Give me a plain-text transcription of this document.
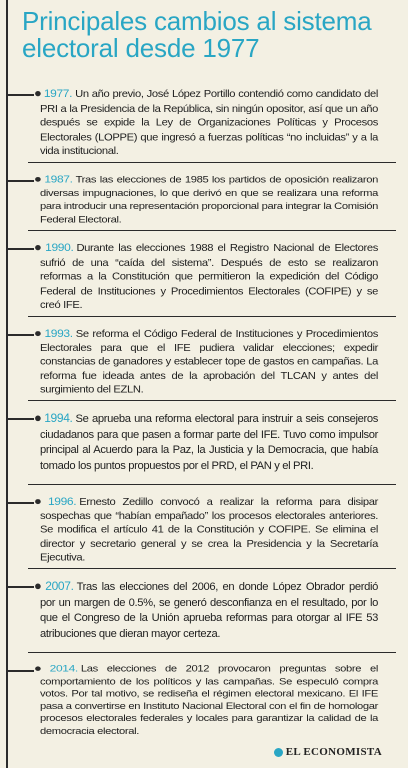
Principales cambios al sistema electoral desde 1977

● 1977. Un año previo, José López Portillo contendió como candidato del PRI a la Presidencia de la República, sin ningún opositor, así que un año después se expide la Ley de Organizaciones Políticas y Procesos Electorales (LOPPE) que ingresó a fuerzas políticas “no incluidas” y a la vida institucional.

● 1987. Tras las elecciones de 1985 los partidos de oposición realizaron diversas impugnaciones, lo que derivó en que se realizara una reforma para introducir una representación proporcional para integrar la Comisión Federal Electoral.

● 1990. Durante las elecciones 1988 el Registro Nacional de Electores sufrió de una “caída del sistema”. Después de esto se realizaron reformas a la Constitución que permitieron la expedición del Código Federal de Instituciones y Procedimientos Electorales (COFIPE) y se creó IFE.

● 1993. Se reforma el Código Federal de Instituciones y Procedimientos Electorales para que el IFE pudiera validar elecciones; expedir constancias de ganadores y establecer tope de gastos en campañas. La reforma fue ideada antes de la aprobación del TLCAN y antes del surgimiento del EZLN.

● 1994. Se aprueba una reforma electoral para instruir a seis consejeros ciudadanos para que pasen a formar parte del IFE. Tuvo como impulsor principal al Acuerdo para la Paz, la Justicia y la Democracia, que había tomado los puntos propuestos por el PRD, el PAN y el PRI.

● 1996. Ernesto Zedillo convocó a realizar la reforma para disipar sospechas que “habían empañado” los procesos electorales anteriores. Se modifica el artículo 41 de la Constitución y COFIPE. Se elimina el director y secretario general y se crea la Presidencia y la Secretaría Ejecutiva.

● 2007. Tras las elecciones del 2006, en donde López Obrador perdió por un margen de 0.5%, se generó desconfianza en el resultado, por lo que el Congreso de la Unión aprueba reformas para otorgar al IFE 53 atribuciones que dieran mayor certeza.

● 2014. Las elecciones de 2012 provocaron preguntas sobre el comportamiento de los políticos y las campañas. Se especuló compra votos. Por tal motivo, se rediseña el régimen electoral mexicano. El IFE pasa a convertirse en Instituto Nacional Electoral con el fin de homologar procesos electorales federales y locales para garantizar la calidad de la democracia electoral.

EL ECONOMISTA
